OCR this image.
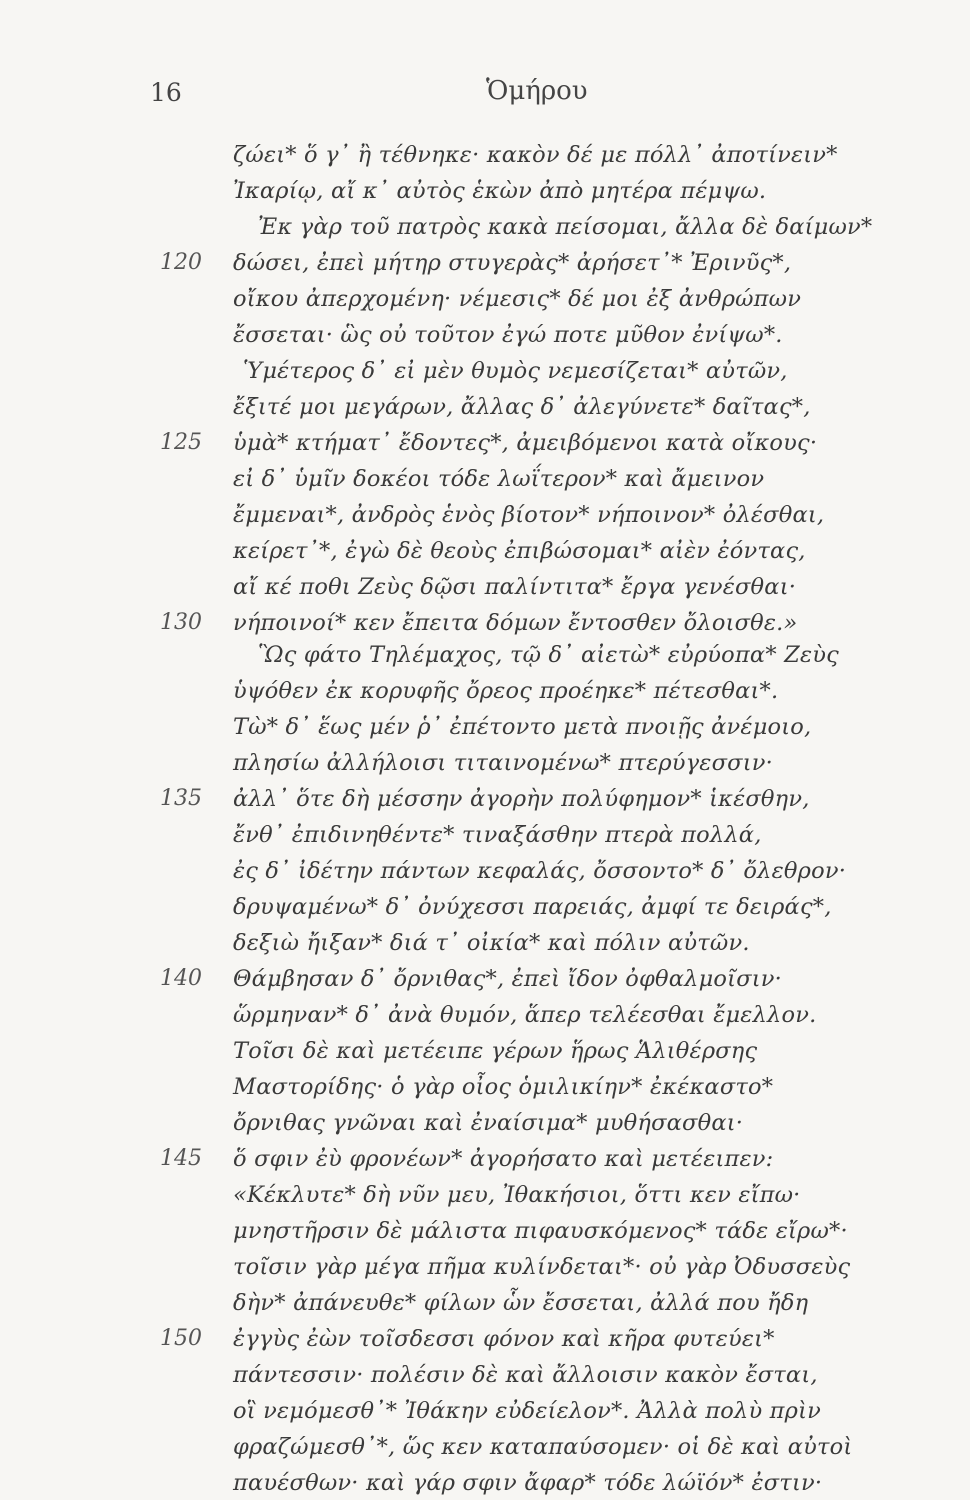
16	Ὁμήρου
ζώει* ὅ γ᾽ ἢ τέθνηκε· κακὸν δέ με πόλλ᾽ ἀποτίνειν*
Ἰκαρίῳ, αἴ κ᾽ αὐτὸς ἑκὼν ἀπὸ μητέρα πέμψω.
Ἐκ γὰρ τοῦ πατρὸς κακὰ πείσομαι, ἄλλα δὲ δαίμων*
δώσει, ἐπεὶ μήτηρ στυγερὰς* ἀρήσετ᾽* Ἐρινῦς*,
οἴκου ἀπερχομένη· νέμεσις* δέ μοι ἐξ ἀνθρώπων
ἔσσεται· ὣς οὐ τοῦτον ἐγώ ποτε μῦθον ἐνίψω*.
Ὑμέτερος δ᾽ εἰ μὲν θυμὸς νεμεσίζεται* αὐτῶν,
ἔξιτέ μοι μεγάρων, ἄλλας δ᾽ ἀλεγύνετε* δαῖτας*,
ὑμὰ* κτήματ᾽ ἔδοντες*, ἀμειβόμενοι κατὰ οἴκους·
εἰ δ᾽ ὑμῖν δοκέοι τόδε λωΐτερον* καὶ ἄμεινον
ἔμμεναι*, ἀνδρὸς ἑνὸς βίοτον* νήποινον* ὀλέσθαι,
κείρετ᾽*, ἐγὼ δὲ θεοὺς ἐπιβώσομαι* αἰὲν ἐόντας,
αἴ κέ ποθι Ζεὺς δῷσι παλίντιτα* ἔργα γενέσθαι·
νήποινοί* κεν ἔπειτα δόμων ἔντοσθεν ὄλοισθε.»
Ὣς φάτο Τηλέμαχος, τῷ δ᾽ αἰετὼ* εὐρύοπα* Ζεὺς
ὑψόθεν ἐκ κορυφῆς ὄρεος προέηκε* πέτεσθαι*.
Τὼ* δ᾽ ἕως μέν ῥ᾽ ἐπέτοντο μετὰ πνοιῇς ἀνέμοιο,
πλησίω ἀλλήλοισι τιταινομένω* πτερύγεσσιν·
ἀλλ᾽ ὅτε δὴ μέσσην ἀγορὴν πολύφημον* ἱκέσθην,
ἔνθ᾽ ἐπιδινηθέντε* τιναξάσθην πτερὰ πολλά,
ἐς δ᾽ ἰδέτην πάντων κεφαλάς, ὄσσοντο* δ᾽ ὄλεθρον·
δρυψαμένω* δ᾽ ὀνύχεσσι παρειάς, ἀμφί τε δειράς*,
δεξιὼ ἤιξαν* διά τ᾽ οἰκία* καὶ πόλιν αὐτῶν.
Θάμβησαν δ᾽ ὄρνιθας*, ἐπεὶ ἴδον ὀφθαλμοῖσιν·
ὥρμηναν* δ᾽ ἀνὰ θυμόν, ἅπερ τελέεσθαι ἔμελλον.
Τοῖσι δὲ καὶ μετέειπε γέρων ἥρως Ἁλιθέρσης
Μαστορίδης· ὁ γὰρ οἶος ὁμιλικίην* ἐκέκαστο*
ὄρνιθας γνῶναι καὶ ἐναίσιμα* μυθήσασθαι·
ὅ σφιν ἐὺ φρονέων* ἀγορήσατο καὶ μετέειπεν:
«Κέκλυτε* δὴ νῦν μευ, Ἰθακήσιοι, ὅττι κεν εἴπω·
μνηστῆρσιν δὲ μάλιστα πιφαυσκόμενος* τάδε εἴρω*·
τοῖσιν γὰρ μέγα πῆμα κυλίνδεται*· οὐ γὰρ Ὀδυσσεὺς
δὴν* ἀπάνευθε* φίλων ὧν ἔσσεται, ἀλλά που ἤδη
ἐγγὺς ἐὼν τοῖσδεσσι φόνον καὶ κῆρα φυτεύει*
πάντεσσιν· πολέσιν δὲ καὶ ἄλλοισιν κακὸν ἔσται,
οἳ νεμόμεσθ᾽* Ἰθάκην εὐδείελον*. Ἀλλὰ πολὺ πρὶν
φραζώμεσθ᾽*, ὥς κεν καταπαύσομεν· οἱ δὲ καὶ αὐτοὶ
παυέσθων· καὶ γάρ σφιν ἄφαρ* τόδε λώϊόν* ἐστιν·
120
125
130
135
140
145
150
